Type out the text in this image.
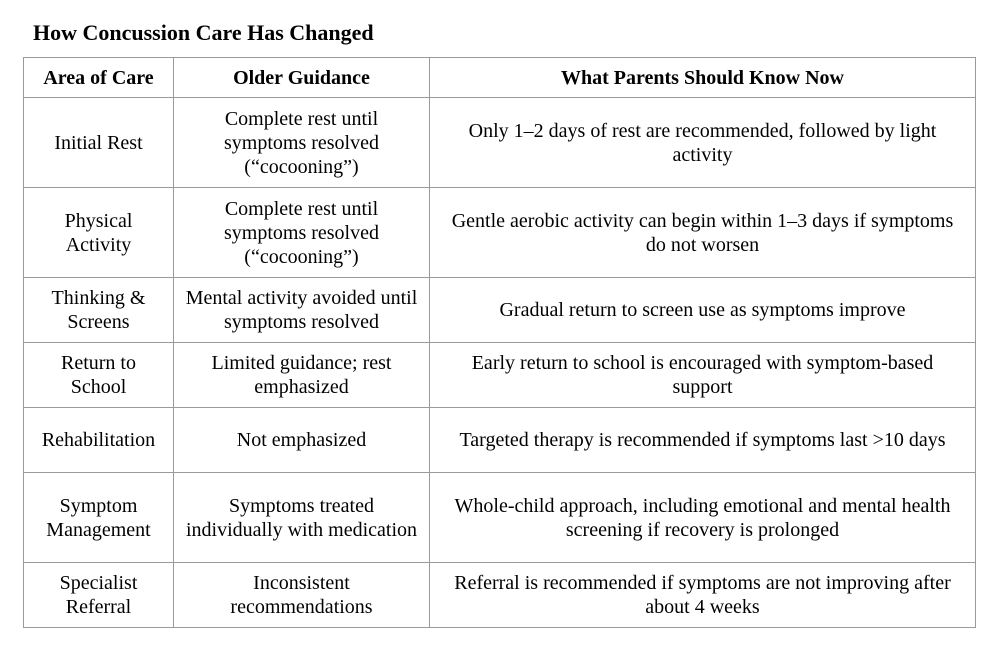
How Concussion Care Has Changed
Area of Care	Older Guidance	What Parents Should Know Now
Initial Rest	Complete rest until symptoms resolved (“cocooning”)	Only 1–2 days of rest are recommended, followed by light activity
Physical Activity	Complete rest until symptoms resolved (“cocooning”)	Gentle aerobic activity can begin within 1–3 days if symptoms do not worsen
Thinking & Screens	Mental activity avoided until symptoms resolved	Gradual return to screen use as symptoms improve
Return to School	Limited guidance; rest emphasized	Early return to school is encouraged with symptom-based support
Rehabilitation	Not emphasized	Targeted therapy is recommended if symptoms last >10 days
Symptom Management	Symptoms treated individually with medication	Whole-child approach, including emotional and mental health screening if recovery is prolonged
Specialist Referral	Inconsistent recommendations	Referral is recommended if symptoms are not improving after about 4 weeks
